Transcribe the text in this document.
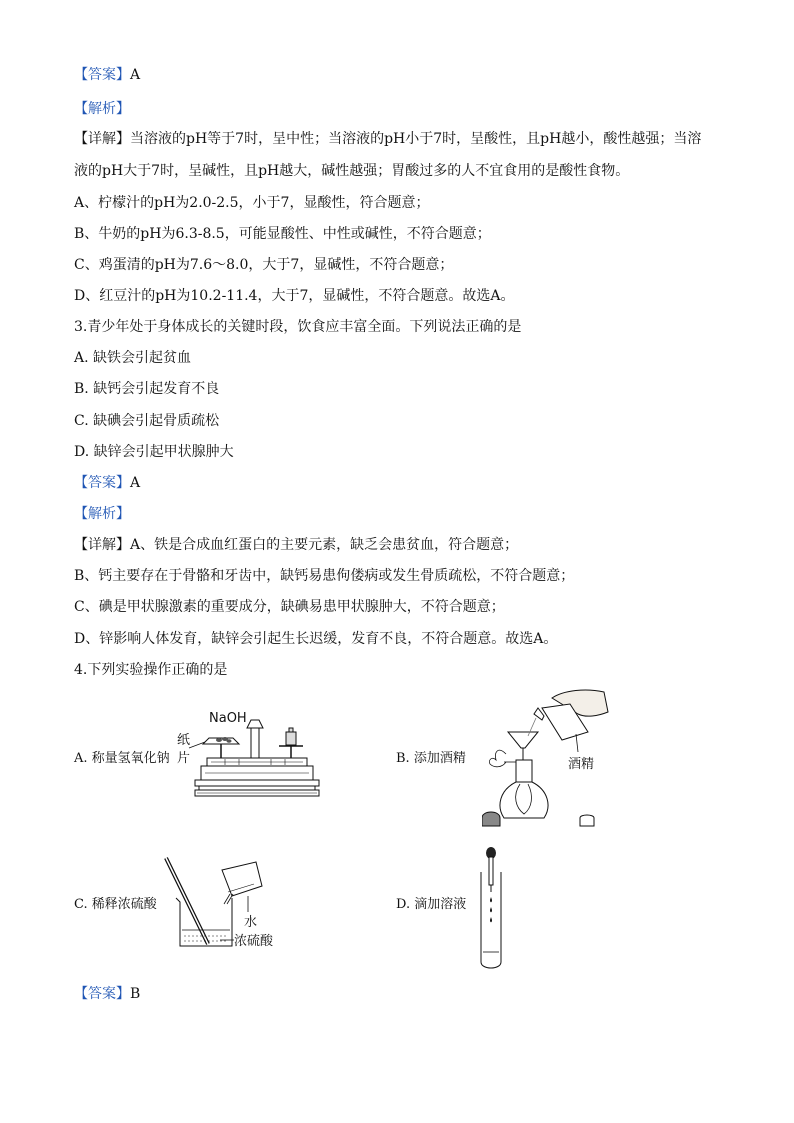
【答案】A
【解析】
【详解】当溶液的pH等于7时，呈中性；当溶液的pH小于7时，呈酸性，且pH越小，酸性越强；当溶
液的pH大于7时，呈碱性，且pH越大，碱性越强；胃酸过多的人不宜食用的是酸性食物。
A、柠檬汁的pH为2.0-2.5，小于7，显酸性，符合题意；
B、牛奶的pH为6.3-8.5，可能显酸性、中性或碱性，不符合题意；
C、鸡蛋清的pH为7.6～8.0，大于7，显碱性，不符合题意；
D、红豆汁的pH为10.2-11.4，大于7，显碱性，不符合题意。故选A。
3.青少年处于身体成长的关键时段，饮食应丰富全面。下列说法正确的是
A. 缺铁会引起贫血
B. 缺钙会引起发育不良
C. 缺碘会引起骨质疏松
D. 缺锌会引起甲状腺肿大
【答案】A
【解析】
【详解】A、铁是合成血红蛋白的主要元素，缺乏会患贫血，符合题意；
B、钙主要存在于骨骼和牙齿中，缺钙易患佝偻病或发生骨质疏松，不符合题意；
C、碘是甲状腺激素的重要成分，缺碘易患甲状腺肿大，不符合题意；
D、锌影响人体发育，缺锌会引起生长迟缓，发育不良，不符合题意。故选A。
4.下列实验操作正确的是
A. 称量氢氧化钠	B. 添加酒精
C. 稀释浓硫酸	D. 滴加溶液
NaOH
纸
片	酒精
水
浓硫酸
【答案】B
